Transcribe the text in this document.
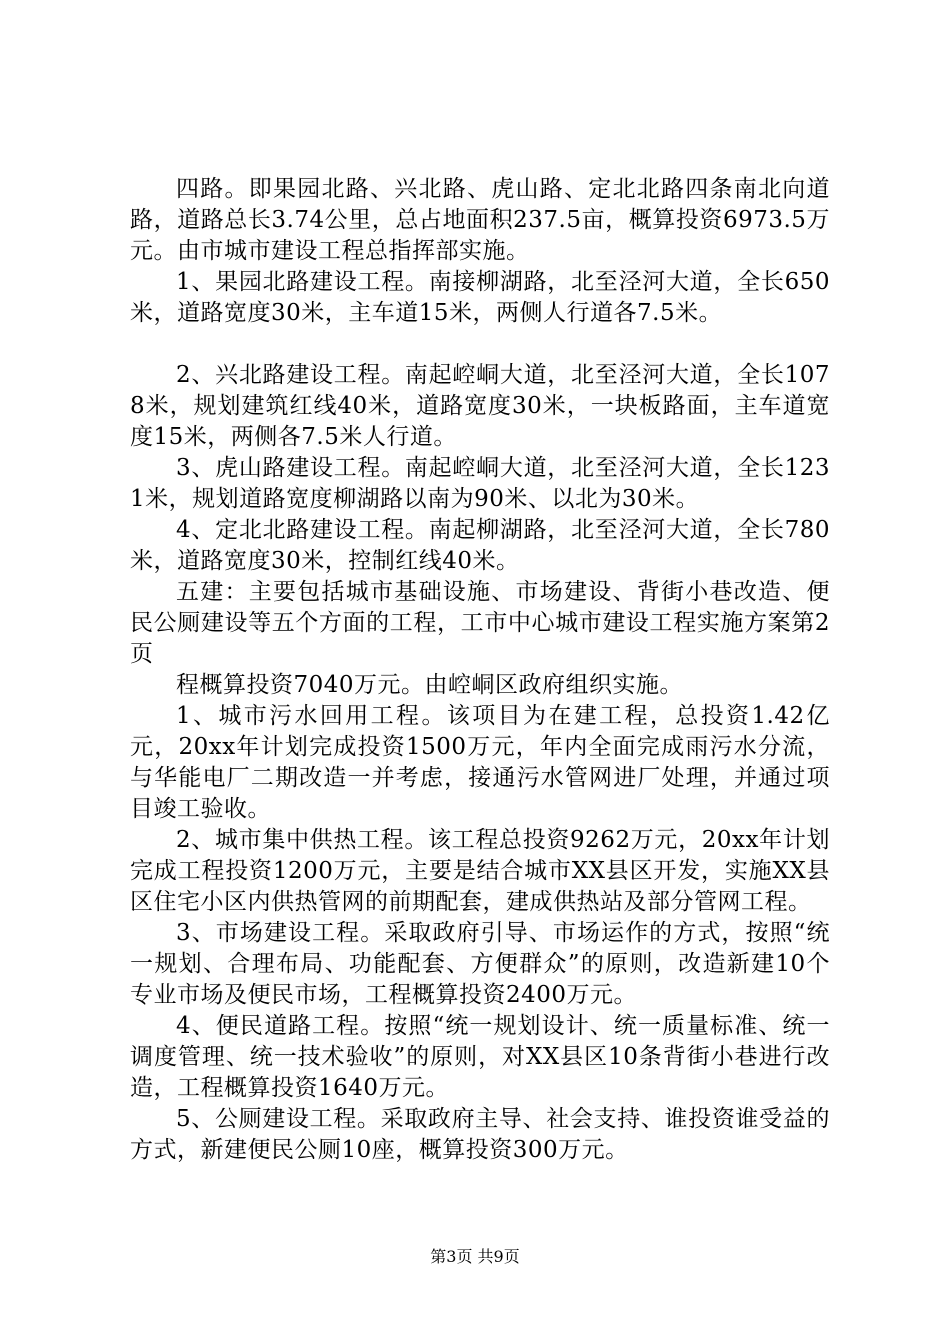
四路。即果园北路、兴北路、虎山路、定北北路四条南北向道路，道路总长3.74公里，总占地面积237.5亩，概算投资6973.5万元。由市城市建设工程总指挥部实施。

1、果园北路建设工程。南接柳湖路，北至泾河大道，全长650米，道路宽度30米，主车道15米，两侧人行道各7.5米。

2、兴北路建设工程。南起崆峒大道，北至泾河大道，全长1078米，规划建筑红线40米，道路宽度30米，一块板路面，主车道宽度15米，两侧各7.5米人行道。

3、虎山路建设工程。南起崆峒大道，北至泾河大道，全长1231米，规划道路宽度柳湖路以南为90米、以北为30米。

4、定北北路建设工程。南起柳湖路，北至泾河大道，全长780米，道路宽度30米，控制红线40米。

五建：主要包括城市基础设施、市场建设、背街小巷改造、便民公厕建设等五个方面的工程，工市中心城市建设工程实施方案第2页

程概算投资7040万元。由崆峒区政府组织实施。

1、城市污水回用工程。该项目为在建工程，总投资1.42亿元，20xx年计划完成投资1500万元，年内全面完成雨污水分流，与华能电厂二期改造一并考虑，接通污水管网进厂处理，并通过项目竣工验收。

2、城市集中供热工程。该工程总投资9262万元，20xx年计划完成工程投资1200万元，主要是结合城市XX县区开发，实施XX县区住宅小区内供热管网的前期配套，建成供热站及部分管网工程。

3、市场建设工程。采取政府引导、市场运作的方式，按照“统一规划、合理布局、功能配套、方便群众”的原则，改造新建10个专业市场及便民市场，工程概算投资2400万元。

4、便民道路工程。按照“统一规划设计、统一质量标准、统一调度管理、统一技术验收”的原则，对XX县区10条背街小巷进行改造，工程概算投资1640万元。

5、公厕建设工程。采取政府主导、社会支持、谁投资谁受益的方式，新建便民公厕10座，概算投资300万元。

第3页 共9页
